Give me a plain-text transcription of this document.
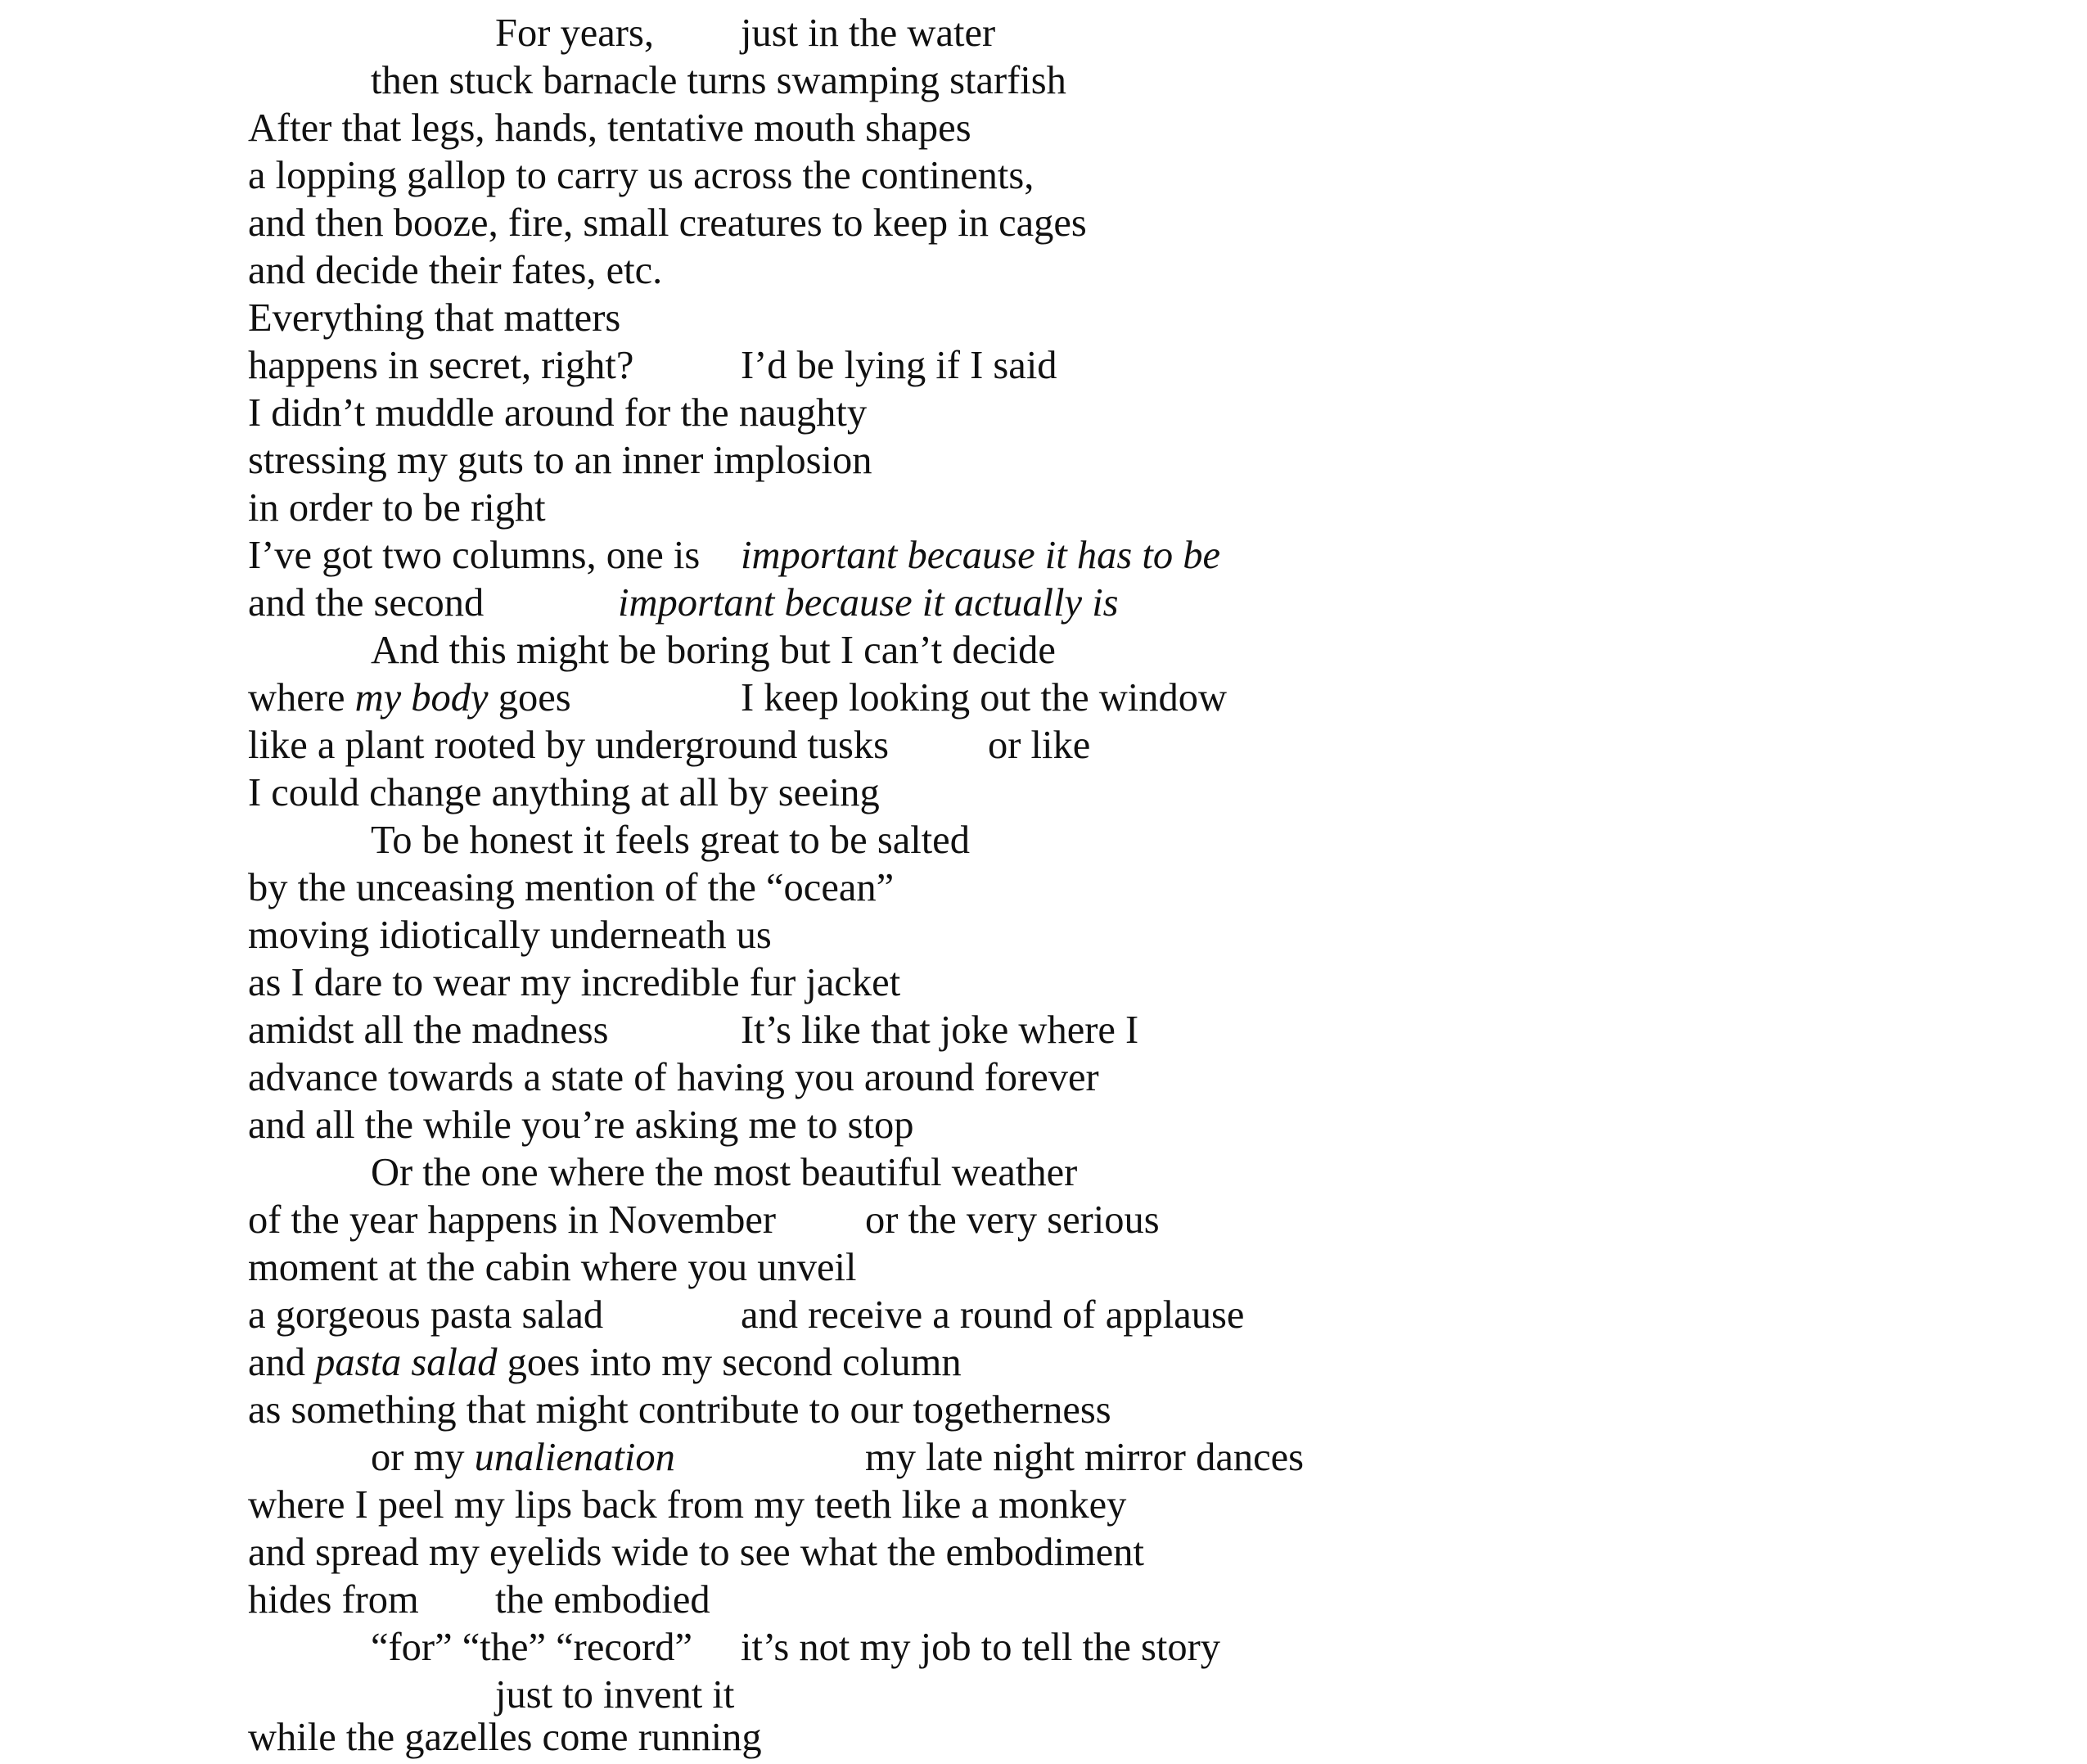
For years, just in the water
then stuck barnacle turns swamping starfish
After that legs, hands, tentative mouth shapes
a lopping gallop to carry us across the continents,
and then booze, fire, small creatures to keep in cages
and decide their fates, etc.
Everything that matters
happens in secret, right?	I’d be lying if I said
I didn’t muddle around for the naughty
stressing my guts to an inner implosion
in order to be right
I’ve got two columns, one is important because it has to be
and the second	important because it actually is
And this might be boring but I can’t decide
where my body goes	I keep looking out the window
like a plant rooted by underground tusks or like
I could change anything at all by seeing
To be honest it feels great to be salted
by the unceasing mention of the “ocean”
moving idiotically underneath us
as I dare to wear my incredible fur jacket
amidst all the madness	It’s like that joke where I
advance towards a state of having you around forever
and all the while you’re asking me to stop
Or the one where the most beautiful weather
of the year happens in November or the very serious
moment at the cabin where you unveil
a gorgeous pasta salad	and receive a round of applause
and pasta salad goes into my second column
as something that might contribute to our togetherness
or my unalienation	my late night mirror dances
where I peel my lips back from my teeth like a monkey
and spread my eyelids wide to see what the embodiment
hides from the embodied
“for” “the” “record” it’s not my job to tell the story
just to invent it
while the gazelles come running
